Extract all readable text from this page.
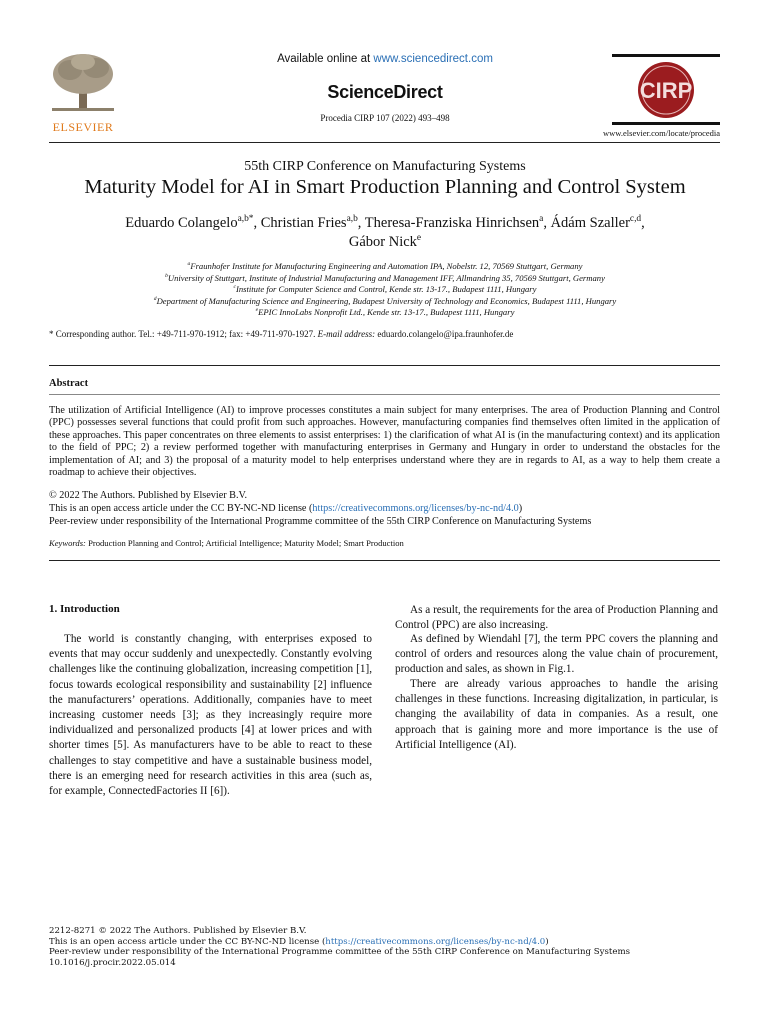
ELSEVIER
Available online at www.sciencedirect.com
ScienceDirect
Procedia CIRP 107 (2022) 493–498
CIRP
www.elsevier.com/locate/procedia
55th CIRP Conference on Manufacturing Systems
Maturity Model for AI in Smart Production Planning and Control System
Eduardo Colangelo$^{a,b*}$, Christian Fries$^{a,b}$, Theresa-Franziska Hinrichsen$^a$, Ádám Szaller$^{c,d}$,
Gábor Nick$^e$
$^a$Fraunhofer Institute for Manufacturing Engineering and Automation IPA, Nobelstr. 12, 70569 Stuttgart, Germany
$^b$University of Stuttgart, Institute of Industrial Manufacturing and Management IFF, Allmandring 35, 70569 Stuttgart, Germany
$^c$Institute for Computer Science and Control, Kende str. 13-17., Budapest 1111, Hungary
$^d$Department of Manufacturing Science and Engineering, Budapest University of Technology and Economics, Budapest 1111, Hungary
$^e$EPIC InnoLabs Nonprofit Ltd., Kende str. 13-17., Budapest 1111, Hungary
* Corresponding author. Tel.: +49-711-970-1912; fax: +49-711-970-1927. E-mail address: eduardo.colangelo@ipa.fraunhofer.de
Abstract
The utilization of Artificial Intelligence (AI) to improve processes constitutes a main subject for many enterprises. The area of Production Planning and Control (PPC) possesses several functions that could profit from such approaches. However, manufacturing companies find themselves often limited in the application of these approaches. This paper concentrates on three elements to assist enterprises: 1) the clarification of what AI is (in the manufacturing context) and its application to the field of PPC; 2) a review performed together with manufacturing enterprises in Germany and Hungary in order to understand the obstacles for the implementation of AI; and 3) the proposal of a maturity model to help enterprises understand where they are in regards to AI, as a way to help them create a roadmap to achieve their objectives.
© 2022 The Authors. Published by Elsevier B.V.
This is an open access article under the CC BY-NC-ND license (https://creativecommons.org/licenses/by-nc-nd/4.0)
Peer-review under responsibility of the International Programme committee of the 55th CIRP Conference on Manufacturing Systems
Keywords: Production Planning and Control; Artificial Intelligence; Maturity Model; Smart Production
1. Introduction
The world is constantly changing, with enterprises exposed to events that may occur suddenly and unexpectedly. Constantly evolving challenges like the continuing globalization, increasing competition [1], focus towards ecological responsibility and sustainability [2] influence the manufacturers’ operations. Additionally, companies have to meet increasing customer needs [3]; as they increasingly require more individualized and personalized products [4] at lower prices and with shorter times [5]. As manufacturers have to be able to react to these challenges to stay competitive and have a sustainable business model, there is an emerging need for research activities in this area (such as, for example, ConnectedFactories II [6]).
As a result, the requirements for the area of Production Planning and Control (PPC) are also increasing.
As defined by Wiendahl [7], the term PPC covers the planning and control of orders and resources along the value chain of procurement, production and sales, as shown in Fig.1.
There are already various approaches to handle the arising challenges in these functions. Increasing digitalization, in particular, is changing the availability of data in companies. As a result, one approach that is gaining more and more importance is the use of Artificial Intelligence (AI).
2212-8271 © 2022 The Authors. Published by Elsevier B.V.
This is an open access article under the CC BY-NC-ND license (https://creativecommons.org/licenses/by-nc-nd/4.0)
Peer-review under responsibility of the International Programme committee of the 55th CIRP Conference on Manufacturing Systems
10.1016/j.procir.2022.05.014
